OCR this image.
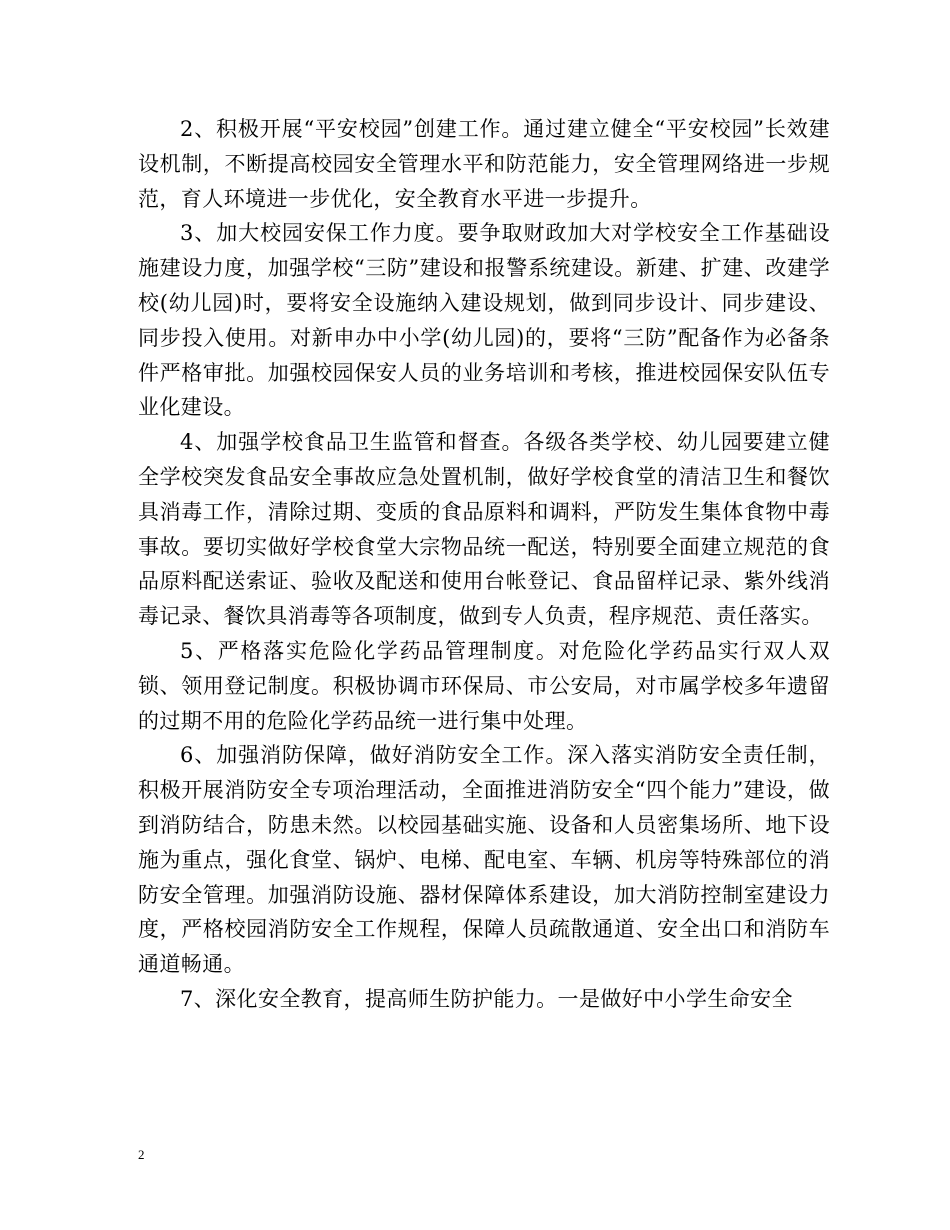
2、积极开展“平安校园”创建工作。通过建立健全“平安校园”长效建设机制，不断提高校园安全管理水平和防范能力，安全管理网络进一步规范，育人环境进一步优化，安全教育水平进一步提升。

3、加大校园安保工作力度。要争取财政加大对学校安全工作基础设施建设力度，加强学校“三防”建设和报警系统建设。新建、扩建、改建学校(幼儿园)时，要将安全设施纳入建设规划，做到同步设计、同步建设、同步投入使用。对新申办中小学(幼儿园)的，要将“三防”配备作为必备条件严格审批。加强校园保安人员的业务培训和考核，推进校园保安队伍专业化建设。

4、加强学校食品卫生监管和督查。各级各类学校、幼儿园要建立健全学校突发食品安全事故应急处置机制，做好学校食堂的清洁卫生和餐饮具消毒工作，清除过期、变质的食品原料和调料，严防发生集体食物中毒事故。要切实做好学校食堂大宗物品统一配送，特别要全面建立规范的食品原料配送索证、验收及配送和使用台帐登记、食品留样记录、紫外线消毒记录、餐饮具消毒等各项制度，做到专人负责，程序规范、责任落实。

5、严格落实危险化学药品管理制度。对危险化学药品实行双人双锁、领用登记制度。积极协调市环保局、市公安局，对市属学校多年遗留的过期不用的危险化学药品统一进行集中处理。

6、加强消防保障，做好消防安全工作。深入落实消防安全责任制，积极开展消防安全专项治理活动，全面推进消防安全“四个能力”建设，做到消防结合，防患未然。以校园基础实施、设备和人员密集场所、地下设施为重点，强化食堂、锅炉、电梯、配电室、车辆、机房等特殊部位的消防安全管理。加强消防设施、器材保障体系建设，加大消防控制室建设力度，严格校园消防安全工作规程，保障人员疏散通道、安全出口和消防车通道畅通。

7、深化安全教育，提高师生防护能力。一是做好中小学生命安全

2
